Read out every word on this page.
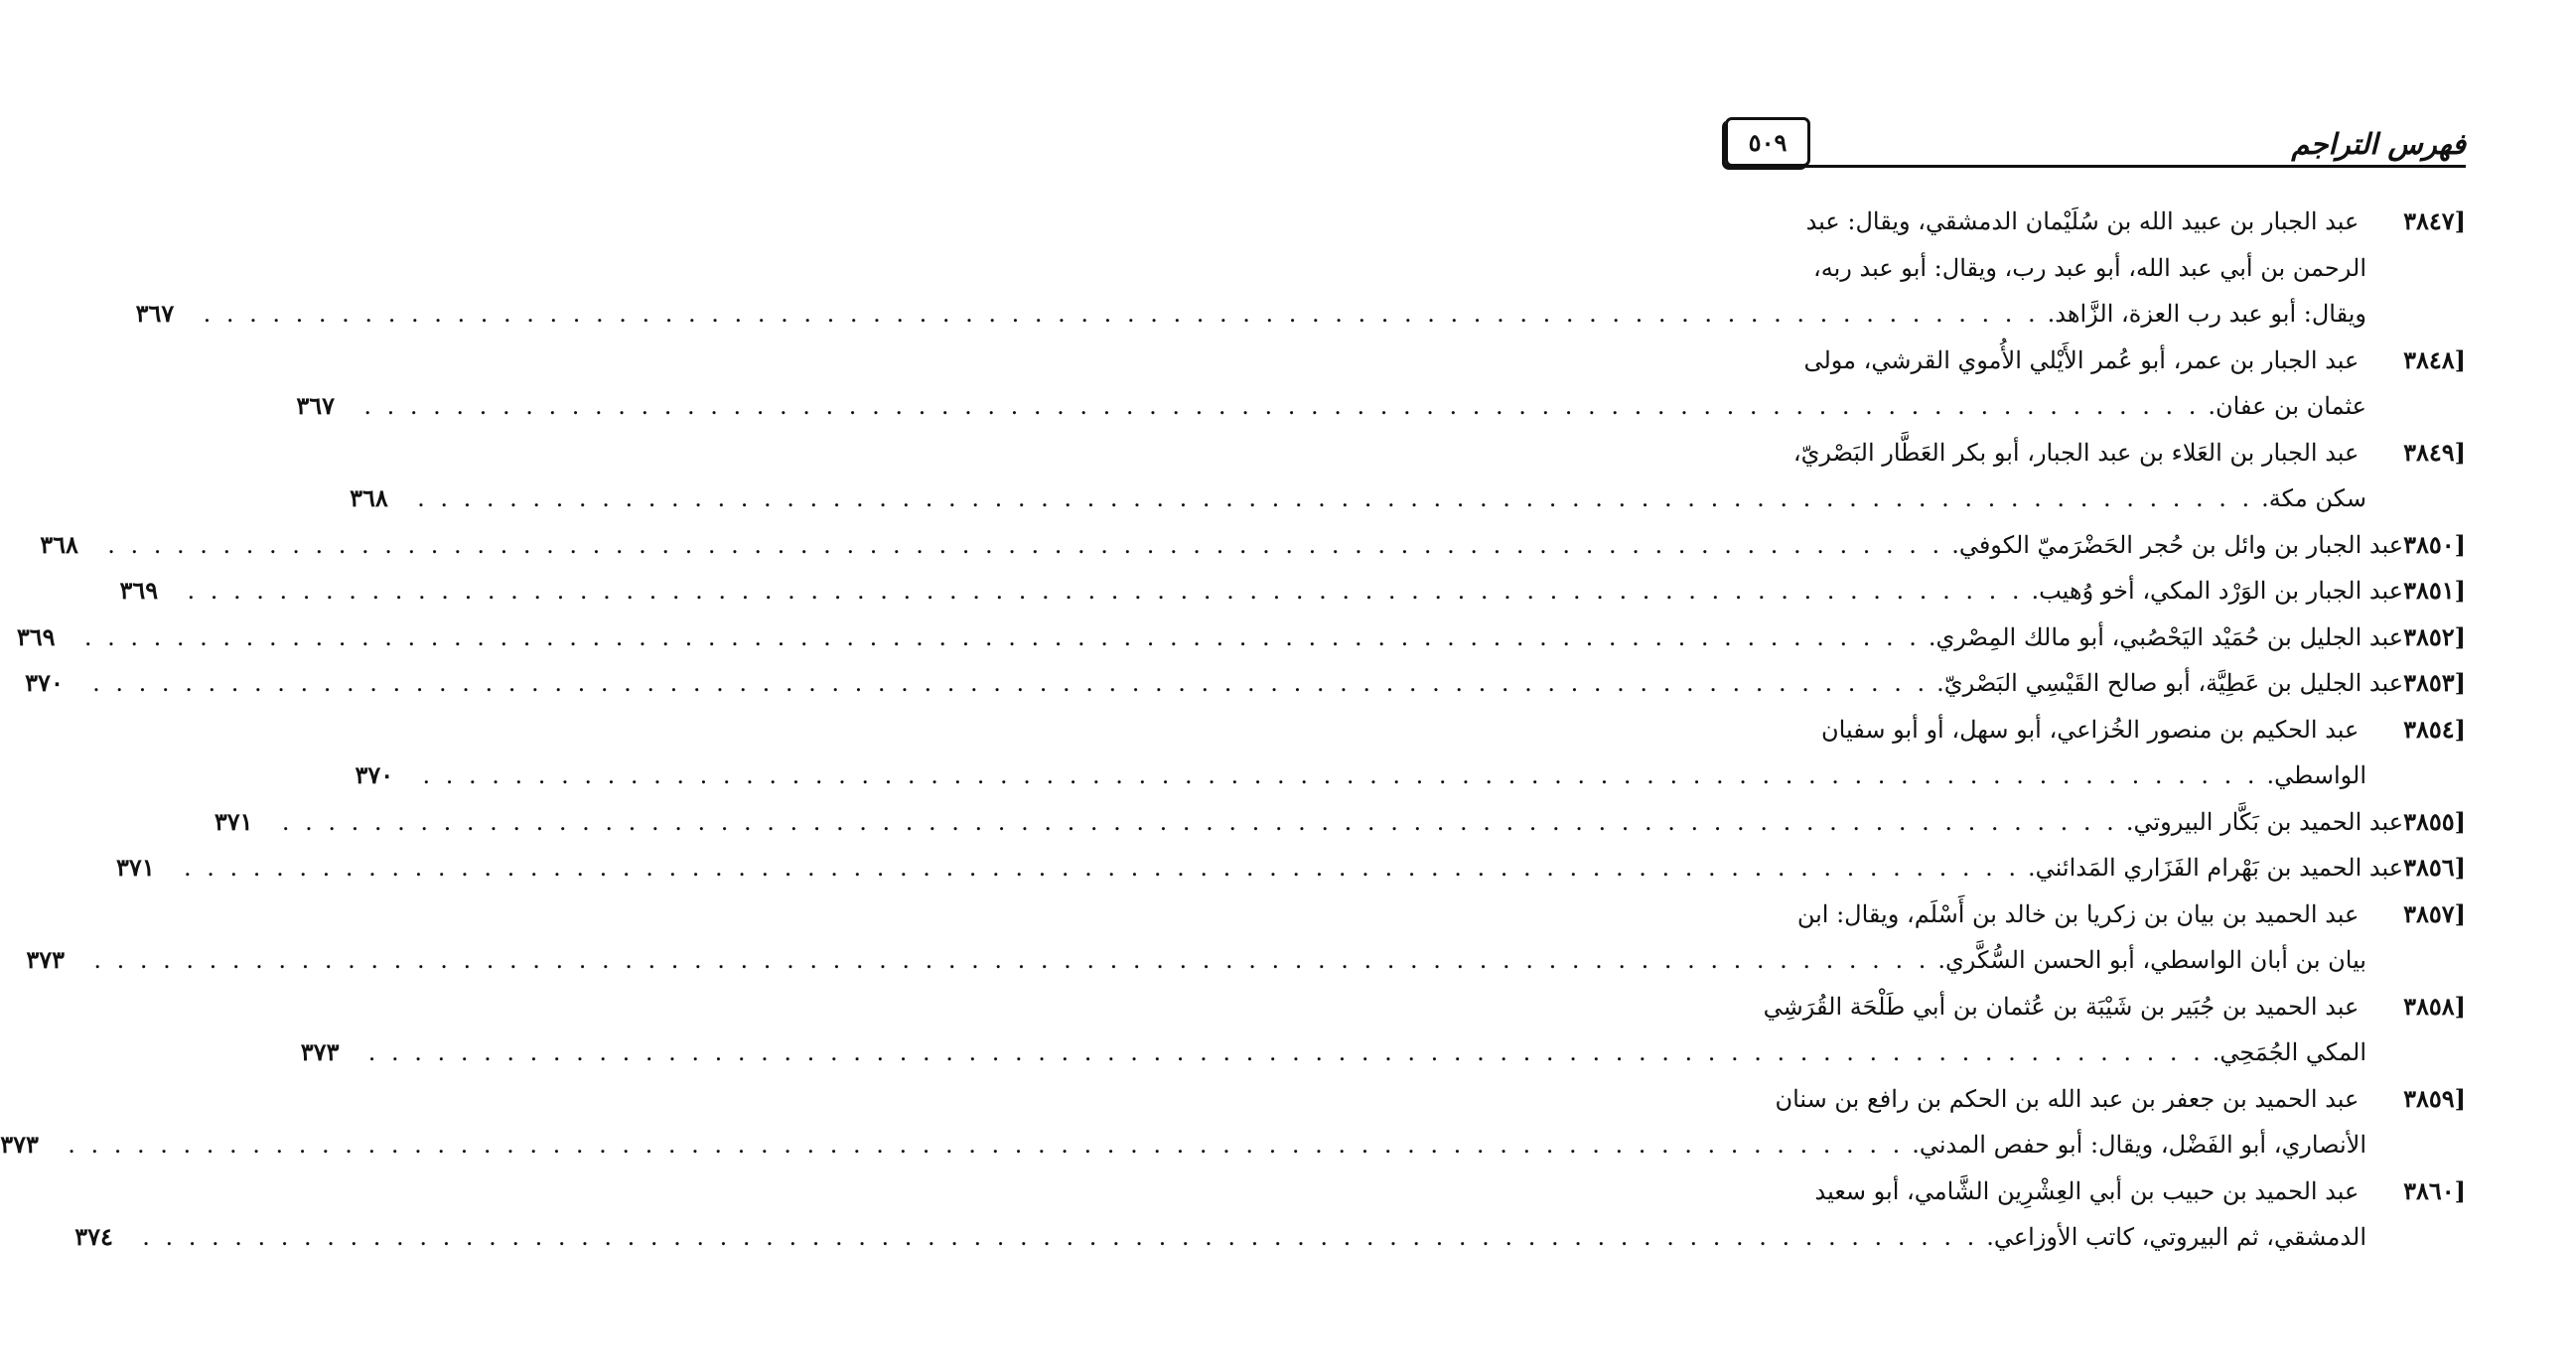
فهرس التراجم
٥٠٩
[٣٨٤٧ عبد الجبار بن عبيد الله بن سُلَيْمان الدمشقي، ويقال: عبد
الرحمن بن أبي عبد الله، أبو عبد رب، ويقال: أبو عبد ربه،
ويقال: أبو عبد رب العزة، الزَّاهد.
. . . . . . . . . . . . . . . . . . . . . . . . . . . . . . . . . . . . . . . . . . . . . . . . . . . . . . . . . . . . . . . . . . . . . . . . . . . . . . . .
٣٦٧
[٣٨٤٨ عبد الجبار بن عمر، أبو عُمر الأَيْلي الأُموي القرشي، مولى
عثمان بن عفان.
. . . . . . . . . . . . . . . . . . . . . . . . . . . . . . . . . . . . . . . . . . . . . . . . . . . . . . . . . . . . . . . . . . . . . . . . . . . . . . . .
٣٦٧
[٣٨٤٩ عبد الجبار بن العَلاء بن عبد الجبار، أبو بكر العَطَّار البَصْريّ،
سكن مكة.
. . . . . . . . . . . . . . . . . . . . . . . . . . . . . . . . . . . . . . . . . . . . . . . . . . . . . . . . . . . . . . . . . . . . . . . . . . . . . . . .
٣٦٨
[٣٨٥٠
عبد الجبار بن وائل بن حُجر الحَضْرَميّ الكوفي.
. . . . . . . . . . . . . . . . . . . . . . . . . . . . . . . . . . . . . . . . . . . . . . . . . . . . . . . . . . . . . . . . . . . . . . . . . . . . . . . .
٣٦٨
[٣٨٥١
عبد الجبار بن الوَرْد المكي، أخو وُهيب.
. . . . . . . . . . . . . . . . . . . . . . . . . . . . . . . . . . . . . . . . . . . . . . . . . . . . . . . . . . . . . . . . . . . . . . . . . . . . . . . .
٣٦٩
[٣٨٥٢
عبد الجليل بن حُمَيْد اليَحْصُبي، أبو مالك المِصْري.
. . . . . . . . . . . . . . . . . . . . . . . . . . . . . . . . . . . . . . . . . . . . . . . . . . . . . . . . . . . . . . . . . . . . . . . . . . . . . . . .
٣٦٩
[٣٨٥٣
عبد الجليل بن عَطِيَّة، أبو صالح القَيْسِي البَصْريّ.
. . . . . . . . . . . . . . . . . . . . . . . . . . . . . . . . . . . . . . . . . . . . . . . . . . . . . . . . . . . . . . . . . . . . . . . . . . . . . . . .
٣٧٠
[٣٨٥٤ عبد الحكيم بن منصور الخُزاعي، أبو سهل، أو أبو سفيان
الواسطي.
. . . . . . . . . . . . . . . . . . . . . . . . . . . . . . . . . . . . . . . . . . . . . . . . . . . . . . . . . . . . . . . . . . . . . . . . . . . . . . . .
٣٧٠
[٣٨٥٥
عبد الحميد بن بَكَّار البيروتي.
. . . . . . . . . . . . . . . . . . . . . . . . . . . . . . . . . . . . . . . . . . . . . . . . . . . . . . . . . . . . . . . . . . . . . . . . . . . . . . . .
٣٧١
[٣٨٥٦
عبد الحميد بن بَهْرام الفَزَاري المَدائني.
. . . . . . . . . . . . . . . . . . . . . . . . . . . . . . . . . . . . . . . . . . . . . . . . . . . . . . . . . . . . . . . . . . . . . . . . . . . . . . . .
٣٧١
[٣٨٥٧ عبد الحميد بن بيان بن زكريا بن خالد بن أَسْلَم، ويقال: ابن
بيان بن أبان الواسطي، أبو الحسن السُّكَّري.
. . . . . . . . . . . . . . . . . . . . . . . . . . . . . . . . . . . . . . . . . . . . . . . . . . . . . . . . . . . . . . . . . . . . . . . . . . . . . . . .
٣٧٣
[٣٨٥٨ عبد الحميد بن جُبَير بن شَيْبَة بن عُثمان بن أبي طَلْحَة القُرَشِي
المكي الجُمَحِي.
. . . . . . . . . . . . . . . . . . . . . . . . . . . . . . . . . . . . . . . . . . . . . . . . . . . . . . . . . . . . . . . . . . . . . . . . . . . . . . . .
٣٧٣
[٣٨٥٩ عبد الحميد بن جعفر بن عبد الله بن الحكم بن رافع بن سنان
الأنصاري، أبو الفَضْل، ويقال: أبو حفص المدني.
. . . . . . . . . . . . . . . . . . . . . . . . . . . . . . . . . . . . . . . . . . . . . . . . . . . . . . . . . . . . . . . . . . . . . . . . . . . . . . . .
٣٧٣
[٣٨٦٠ عبد الحميد بن حبيب بن أبي العِشْرِين الشَّامي، أبو سعيد
الدمشقي، ثم البيروتي، كاتب الأوزاعي.
. . . . . . . . . . . . . . . . . . . . . . . . . . . . . . . . . . . . . . . . . . . . . . . . . . . . . . . . . . . . . . . . . . . . . . . . . . . . . . . .
٣٧٤
